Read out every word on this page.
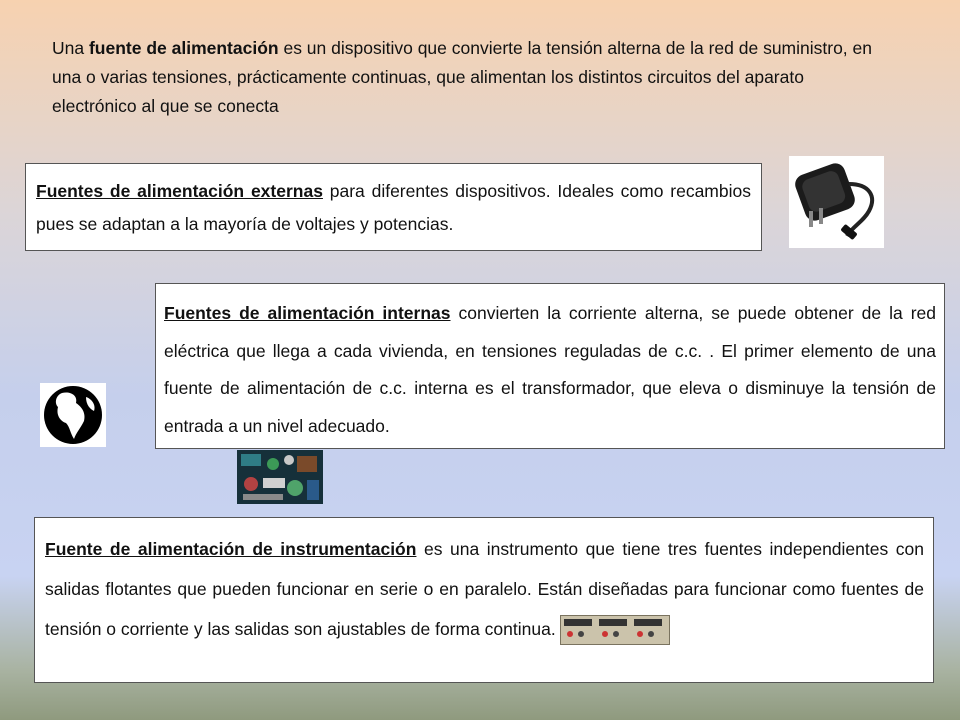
Una fuente de alimentación es un dispositivo que convierte la tensión alterna de la red de suministro, en una o varias tensiones, prácticamente continuas, que alimentan los distintos circuitos del aparato electrónico al que se conecta
Fuentes de alimentación externas para diferentes dispositivos. Ideales como recambios pues se adaptan a la mayoría de voltajes y potencias.
Fuentes de alimentación internas convierten la corriente alterna, se puede obtener de la red eléctrica que llega a cada vivienda, en tensiones reguladas de c.c. . El primer elemento de una fuente de alimentación de c.c. interna es el transformador, que eleva o disminuye la tensión de entrada a un nivel adecuado.
Fuente de alimentación de instrumentación es una instrumento que tiene tres fuentes independientes con salidas flotantes que pueden funcionar en serie o en paralelo. Están diseñadas para funcionar como fuentes de tensión o corriente y las salidas son ajustables de forma continua.
